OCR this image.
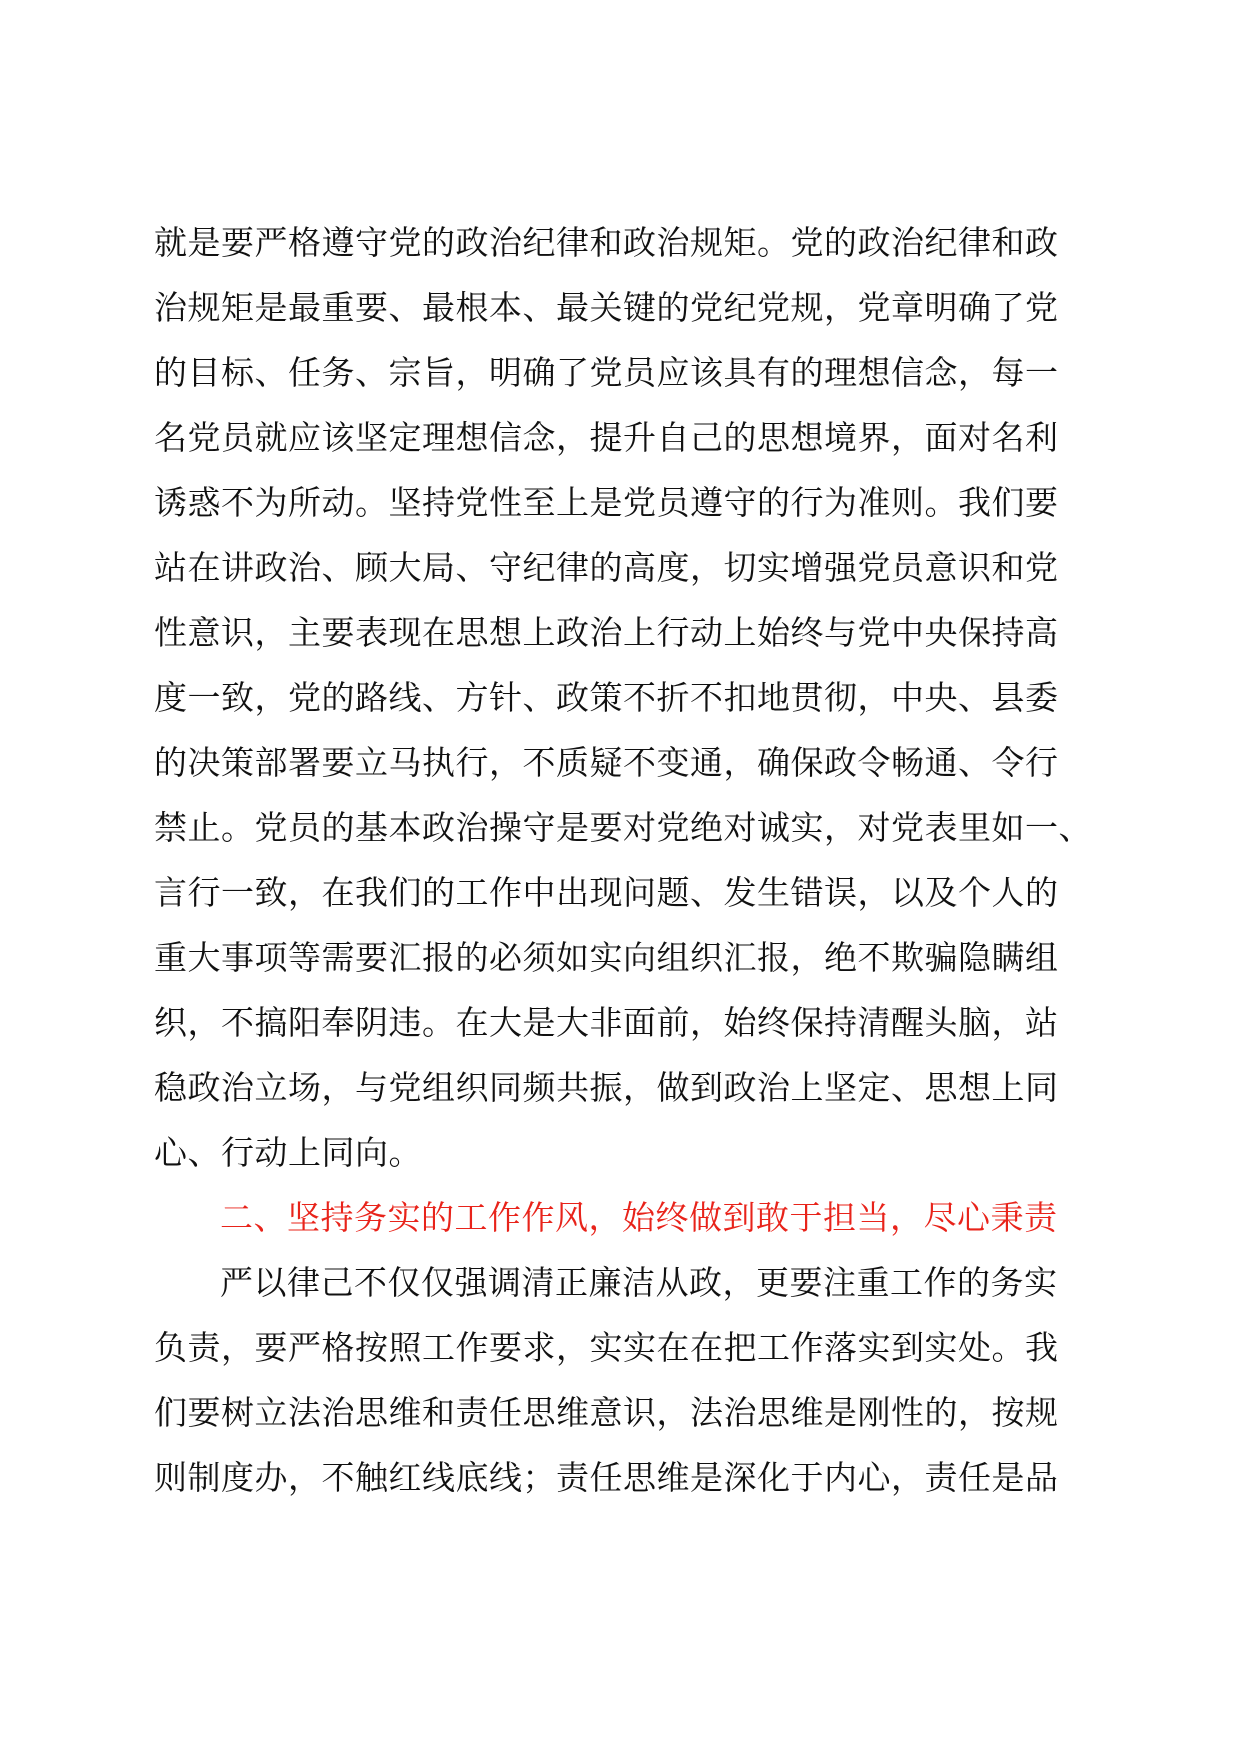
就是要严格遵守党的政治纪律和政治规矩。党的政治纪律和政
治规矩是最重要、最根本、最关键的党纪党规，党章明确了党
的目标、任务、宗旨，明确了党员应该具有的理想信念，每一
名党员就应该坚定理想信念，提升自己的思想境界，面对名利
诱惑不为所动。坚持党性至上是党员遵守的行为准则。我们要
站在讲政治、顾大局、守纪律的高度，切实增强党员意识和党
性意识，主要表现在思想上政治上行动上始终与党中央保持高
度一致，党的路线、方针、政策不折不扣地贯彻，中央、县委
的决策部署要立马执行，不质疑不变通，确保政令畅通、令行
禁止。党员的基本政治操守是要对党绝对诚实，对党表里如一、
言行一致，在我们的工作中出现问题、发生错误，以及个人的
重大事项等需要汇报的必须如实向组织汇报，绝不欺骗隐瞒组
织，不搞阳奉阴违。在大是大非面前，始终保持清醒头脑，站
稳政治立场，与党组织同频共振，做到政治上坚定、思想上同
心、行动上同向。
二、坚持务实的工作作风，始终做到敢于担当，尽心秉责
严以律己不仅仅强调清正廉洁从政，更要注重工作的务实
负责，要严格按照工作要求，实实在在把工作落实到实处。我
们要树立法治思维和责任思维意识，法治思维是刚性的，按规
则制度办，不触红线底线；责任思维是深化于内心，责任是品
